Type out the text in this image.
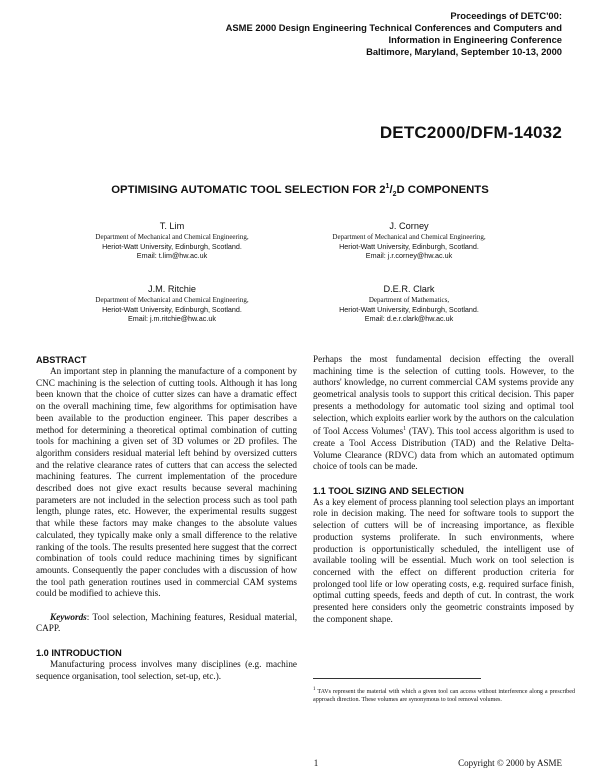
Proceedings of DETC'00:
ASME 2000 Design Engineering Technical Conferences and Computers and
Information in Engineering Conference
Baltimore, Maryland, September 10-13, 2000
DETC2000/DFM-14032
OPTIMISING AUTOMATIC TOOL SELECTION FOR $2^1/_2D$ COMPONENTS
T. Lim
Department of Mechanical and Chemical Engineering,
Heriot-Watt University, Edinburgh, Scotland.
Email: t.lim@hw.ac.uk
J. Corney
Department of Mechanical and Chemical Engineering,
Heriot-Watt University, Edinburgh, Scotland.
Email: j.r.corney@hw.ac.uk
J.M. Ritchie
Department of Mechanical and Chemical Engineering,
Heriot-Watt University, Edinburgh, Scotland.
Email: j.m.ritchie@hw.ac.uk
D.E.R. Clark
Department of Mathematics,
Heriot-Watt University, Edinburgh, Scotland.
Email: d.e.r.clark@hw.ac.uk
ABSTRACT

An important step in planning the manufacture of a component by CNC machining is the selection of cutting tools. Although it has long been known that the choice of cutter sizes can have a dramatic effect on the overall machining time, few algorithms for optimisation have been available to the production engineer. This paper describes a method for determining a theoretical optimal combination of cutting tools for machining a given set of 3D volumes or 2D profiles. The algorithm considers residual material left behind by oversized cutters and the relative clearance rates of cutters that can access the selected machining features. The current implementation of the procedure described does not give exact results because several machining parameters are not included in the selection process such as tool path length, plunge rates, etc. However, the experimental results suggest that while these factors may make changes to the absolute values calculated, they typically make only a small difference to the relative ranking of the tools. The results presented here suggest that the correct combination of tools could reduce machining times by significant amounts. Consequently the paper concludes with a discussion of how the tool path generation routines used in commercial CAM systems could be modified to achieve this.

Keywords: Tool selection, Machining features, Residual material, CAPP.

1.0 INTRODUCTION

Manufacturing process involves many disciplines (e.g. machine sequence organisation, tool selection, set-up, etc.).

Perhaps the most fundamental decision effecting the overall machining time is the selection of cutting tools. However, to the authors' knowledge, no current commercial CAM systems provide any geometrical analysis tools to support this critical decision. This paper presents a methodology for automatic tool sizing and optimal tool selection, which exploits earlier work by the authors on the calculation of Tool Access Volumes$^1$ (TAV). This tool access algorithm is used to create a Tool Access Distribution (TAD) and the Relative Delta-Volume Clearance (RDVC) data from which an automated optimum choice of tools can be made.

1.1 TOOL SIZING AND SELECTION

As a key element of process planning tool selection plays an important role in decision making. The need for software tools to support the selection of cutters will be of increasing importance, as flexible production systems proliferate. In such environments, where production is opportunistically scheduled, the intelligent use of available tooling will be essential. Much work on tool selection is concerned with the effect on different production criteria for prolonged tool life or low operating costs, e.g. required surface finish, optimal cutting speeds, feeds and depth of cut. In contrast, the work presented here considers only the geometric constraints imposed by the component shape.

$^1$ TAVs represent the material with which a given tool can access without interference along a prescribed approach direction. These volumes are synonymous to tool removal volumes.
1	Copyright © 2000 by ASME
